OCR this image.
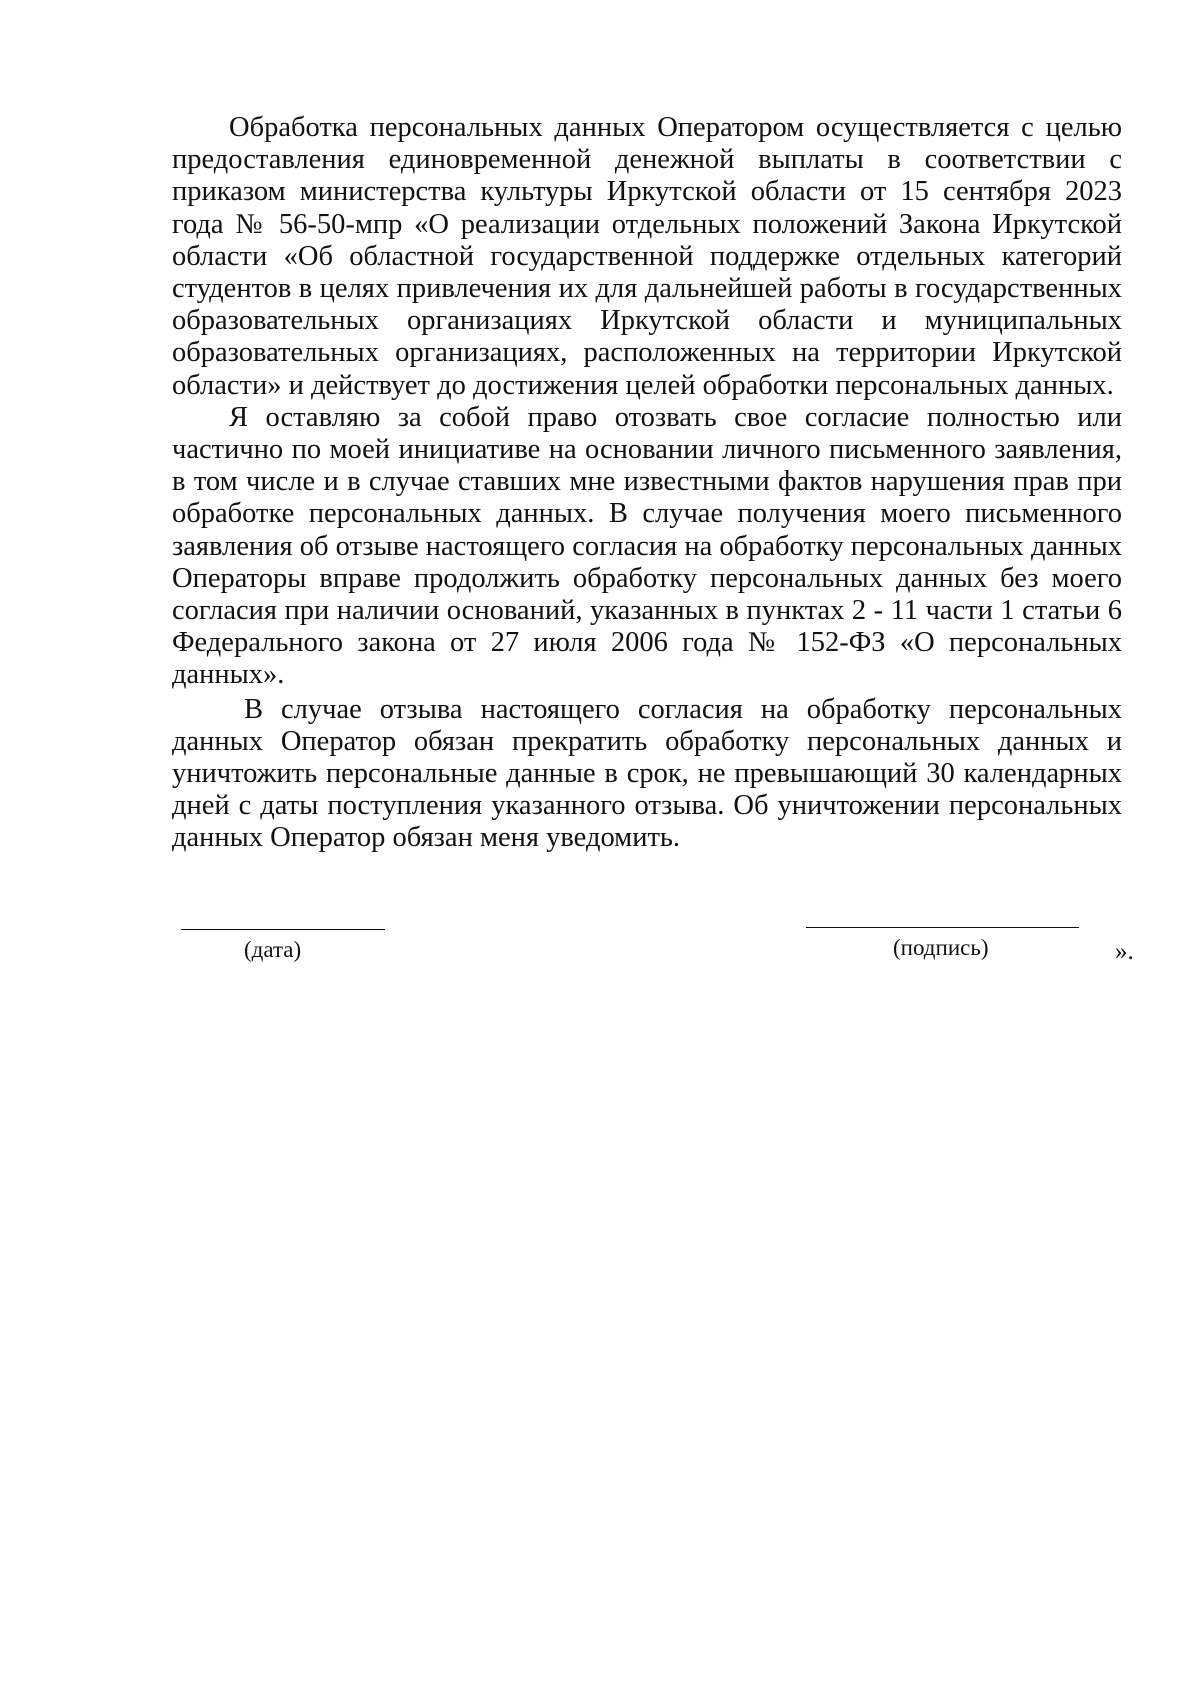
Обработка персональных данных Оператором осуществляется с целью предоставления единовременной денежной выплаты в соответствии с приказом министерства культуры Иркутской области от 15 сентября 2023 года № 56-50-мпр «О реализации отдельных положений Закона Иркутской области «Об областной государственной поддержке отдельных категорий студентов в целях привлечения их для дальнейшей работы в государственных образовательных организациях Иркутской области и муниципальных образовательных организациях, расположенных на территории Иркутской области» и действует до достижения целей обработки персональных данных.

Я оставляю за собой право отозвать свое согласие полностью или частично по моей инициативе на основании личного письменного заявления, в том числе и в случае ставших мне известными фактов нарушения прав при обработке персональных данных. В случае получения моего письменного заявления об отзыве настоящего согласия на обработку персональных данных Операторы вправе продолжить обработку персональных данных без моего согласия при наличии оснований, указанных в пунктах 2 - 11 части 1 статьи 6 Федерального закона от 27 июля 2006 года № 152-ФЗ «О персональных данных».

В случае отзыва настоящего согласия на обработку персональных данных Оператор обязан прекратить обработку персональных данных и уничтожить персональные данные в срок, не превышающий 30 календарных дней с даты поступления указанного отзыва. Об уничтожении персональных данных Оператор обязан меня уведомить.

(дата)	(подпись)	».
